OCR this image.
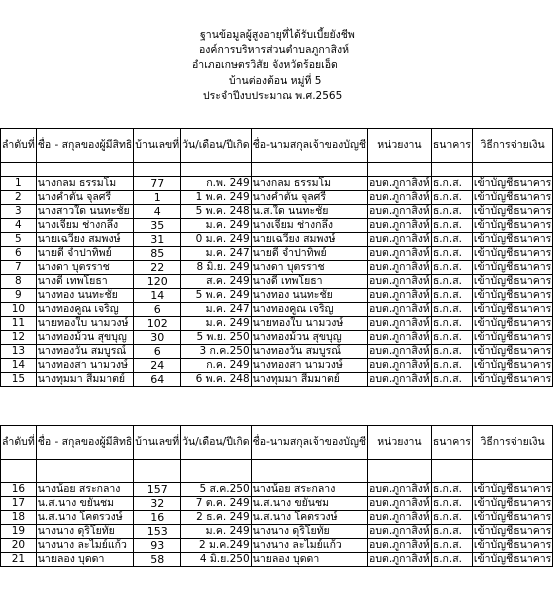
ฐานข้อมูลผู้สูงอายุที่ได้รับเบี้ยยังชีพ
องค์การบริหารส่วนตำบลภูกาสิงห์
อำเภอเกษตรวิสัย จังหวัดร้อยเอ็ด
บ้านต่องต้อน หมู่ที่ 5
ประจำปีงบประมาณ พ.ศ.2565
ลำดับที่	ชื่อ - สกุลของผู้มีสิทธิ	บ้านเลขที่	วัน/เดือน/ปีเกิด	ชื่อ-นามสกุลเจ้าของบัญชี	หน่วยงาน	ธนาคาร	วิธีการจ่ายเงิน

1	นางกลม ธรรมโม	77	ก.พ. 249	นางกลม ธรรมโม	อบต.ภูกาสิงห์	ธ.ก.ส.	เข้าบัญชีธนาคาร
2	นางคำตัน จุลศรี	1	1 พ.ค. 249	นางคำตัน จุลศรี	อบต.ภูกาสิงห์	ธ.ก.ส.	เข้าบัญชีธนาคาร
3	นางสาวใด นนทะชัย	4	5 พ.ค. 248	น.ส.ใด นนทะชัย	อบต.ภูกาสิงห์	ธ.ก.ส.	เข้าบัญชีธนาคาร
4	นางเจียม ช่างกลึง	35	ม.ค. 249	นางเจียม ช่างกลึง	อบต.ภูกาสิงห์	ธ.ก.ส.	เข้าบัญชีธนาคาร
5	นายเฉวียง สมพงษ์	31	0 ม.ค. 249	นายเฉวียง สมพงษ์	อบต.ภูกาสิงห์	ธ.ก.ส.	เข้าบัญชีธนาคาร
6	นายดี จำปาทิพย์	85	ม.ค. 247	นายดี จำปาทิพย์	อบต.ภูกาสิงห์	ธ.ก.ส.	เข้าบัญชีธนาคาร
7	นางดา บุตรราช	22	8 มิ.ย. 249	นางดา บุตรราช	อบต.ภูกาสิงห์	ธ.ก.ส.	เข้าบัญชีธนาคาร
8	นางดี เทพโยธา	120	ส.ค. 249	นางดี เทพโยธา	อบต.ภูกาสิงห์	ธ.ก.ส.	เข้าบัญชีธนาคาร
9	นางทอง นนทะชัย	14	5 พ.ค. 249	นางทอง นนทะชัย	อบต.ภูกาสิงห์	ธ.ก.ส.	เข้าบัญชีธนาคาร
10	นางทองคูณ เจริญ	6	ม.ค. 247	นางทองคูณ เจริญ	อบต.ภูกาสิงห์	ธ.ก.ส.	เข้าบัญชีธนาคาร
11	นายทองใบ นามวงษ์	102	ม.ค. 249	นายทองใบ นามวงษ์	อบต.ภูกาสิงห์	ธ.ก.ส.	เข้าบัญชีธนาคาร
12	นางทองม้วน สุขบุญ	30	5 พ.ย. 250	นางทองม้วน สุขบุญ	อบต.ภูกาสิงห์	ธ.ก.ส.	เข้าบัญชีธนาคาร
13	นางทองวัน สมบูรณ์	6	3 ก.ค.250	นางทองวัน สมบูรณ์	อบต.ภูกาสิงห์	ธ.ก.ส.	เข้าบัญชีธนาคาร
14	นางทองสา นามวงษ์	24	ก.ค. 249	นางทองสา นามวงษ์	อบต.ภูกาสิงห์	ธ.ก.ส.	เข้าบัญชีธนาคาร
15	นางทุมมา สีมมาตย์	64	6 พ.ค. 248	นางทุมมา สีมมาตย์	อบต.ภูกาสิงห์	ธ.ก.ส.	เข้าบัญชีธนาคาร
ลำดับที่	ชื่อ - สกุลของผู้มีสิทธิ	บ้านเลขที่	วัน/เดือน/ปีเกิด	ชื่อ-นามสกุลเจ้าของบัญชี	หน่วยงาน	ธนาคาร	วิธีการจ่ายเงิน

16	นางน้อย สระกลาง	157	5 ส.ค.250	นางน้อย สระกลาง	อบต.ภูกาสิงห์	ธ.ก.ส.	เข้าบัญชีธนาคาร
17	น.ส.นาง ขยันชม	32	7 ต.ค. 249	น.ส.นาง ขยันชม	อบต.ภูกาสิงห์	ธ.ก.ส.	เข้าบัญชีธนาคาร
18	น.ส.นาง โคตรวงษ์	16	2 ธ.ค. 249	น.ส.นาง โคตรวงษ์	อบต.ภูกาสิงห์	ธ.ก.ส.	เข้าบัญชีธนาคาร
19	นางนาง ดุริโยทัย	153	ม.ค. 249	นางนาง ดุริโยทัย	อบต.ภูกาสิงห์	ธ.ก.ส.	เข้าบัญชีธนาคาร
20	นางนาง ละไมย์แก้ว	93	2 ม.ค.249	นางนาง ละไมย์แก้ว	อบต.ภูกาสิงห์	ธ.ก.ส.	เข้าบัญชีธนาคาร
21	นายลอง บุดดา	58	4 มิ.ย.250	นายลอง บุดดา	อบต.ภูกาสิงห์	ธ.ก.ส.	เข้าบัญชีธนาคาร
